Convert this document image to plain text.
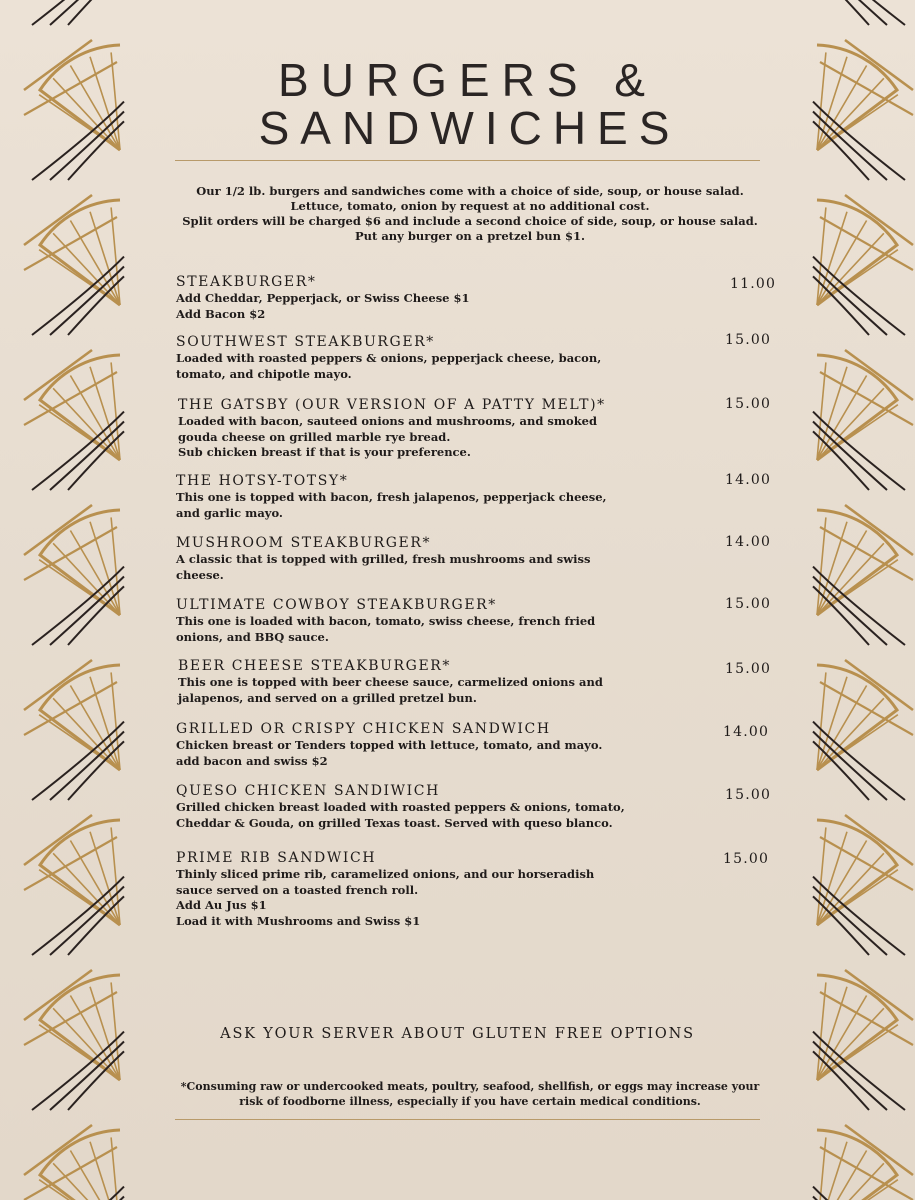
BURGERS &
SANDWICHES
Our 1/2 lb. burgers and sandwiches come with a choice of side, soup, or house salad.
Lettuce, tomato, onion by request at no additional cost.
Split orders will be charged $6 and include a second choice of side, soup, or house salad.
Put any burger on a pretzel bun $1.
STEAKBURGER*
Add Cheddar, Pepperjack, or Swiss Cheese $1
Add Bacon $2
11.00
SOUTHWEST STEAKBURGER*
Loaded with roasted peppers & onions, pepperjack cheese, bacon,
tomato, and chipotle mayo.
15.00
THE GATSBY (OUR VERSION OF A PATTY MELT)*
Loaded with bacon, sauteed onions and mushrooms, and smoked
gouda cheese on grilled marble rye bread.
Sub chicken breast if that is your preference.
15.00
THE HOTSY-TOTSY*
This one is topped with bacon, fresh jalapenos, pepperjack cheese,
and garlic mayo.
14.00
MUSHROOM STEAKBURGER*
A classic that is topped with grilled, fresh mushrooms and swiss
cheese.
14.00
ULTIMATE COWBOY STEAKBURGER*
This one is loaded with bacon, tomato, swiss cheese, french fried
onions, and BBQ sauce.
15.00
BEER CHEESE STEAKBURGER*
This one is topped with beer cheese sauce, carmelized onions and
jalapenos, and served on a grilled pretzel bun.
15.00
GRILLED OR CRISPY CHICKEN SANDWICH
Chicken breast or Tenders topped with lettuce, tomato, and mayo.
add bacon and swiss $2
14.00
QUESO CHICKEN SANDIWICH
Grilled chicken breast loaded with roasted peppers & onions, tomato,
Cheddar & Gouda, on grilled Texas toast. Served with queso blanco.
15.00
PRIME RIB SANDWICH
Thinly sliced prime rib, caramelized onions, and our horseradish
sauce served on a toasted french roll.
Add Au Jus $1
Load it with Mushrooms and Swiss $1
15.00
ASK YOUR SERVER ABOUT GLUTEN FREE OPTIONS
*Consuming raw or undercooked meats, poultry, seafood, shellfish, or eggs may increase your
risk of foodborne illness, especially if you have certain medical conditions.
